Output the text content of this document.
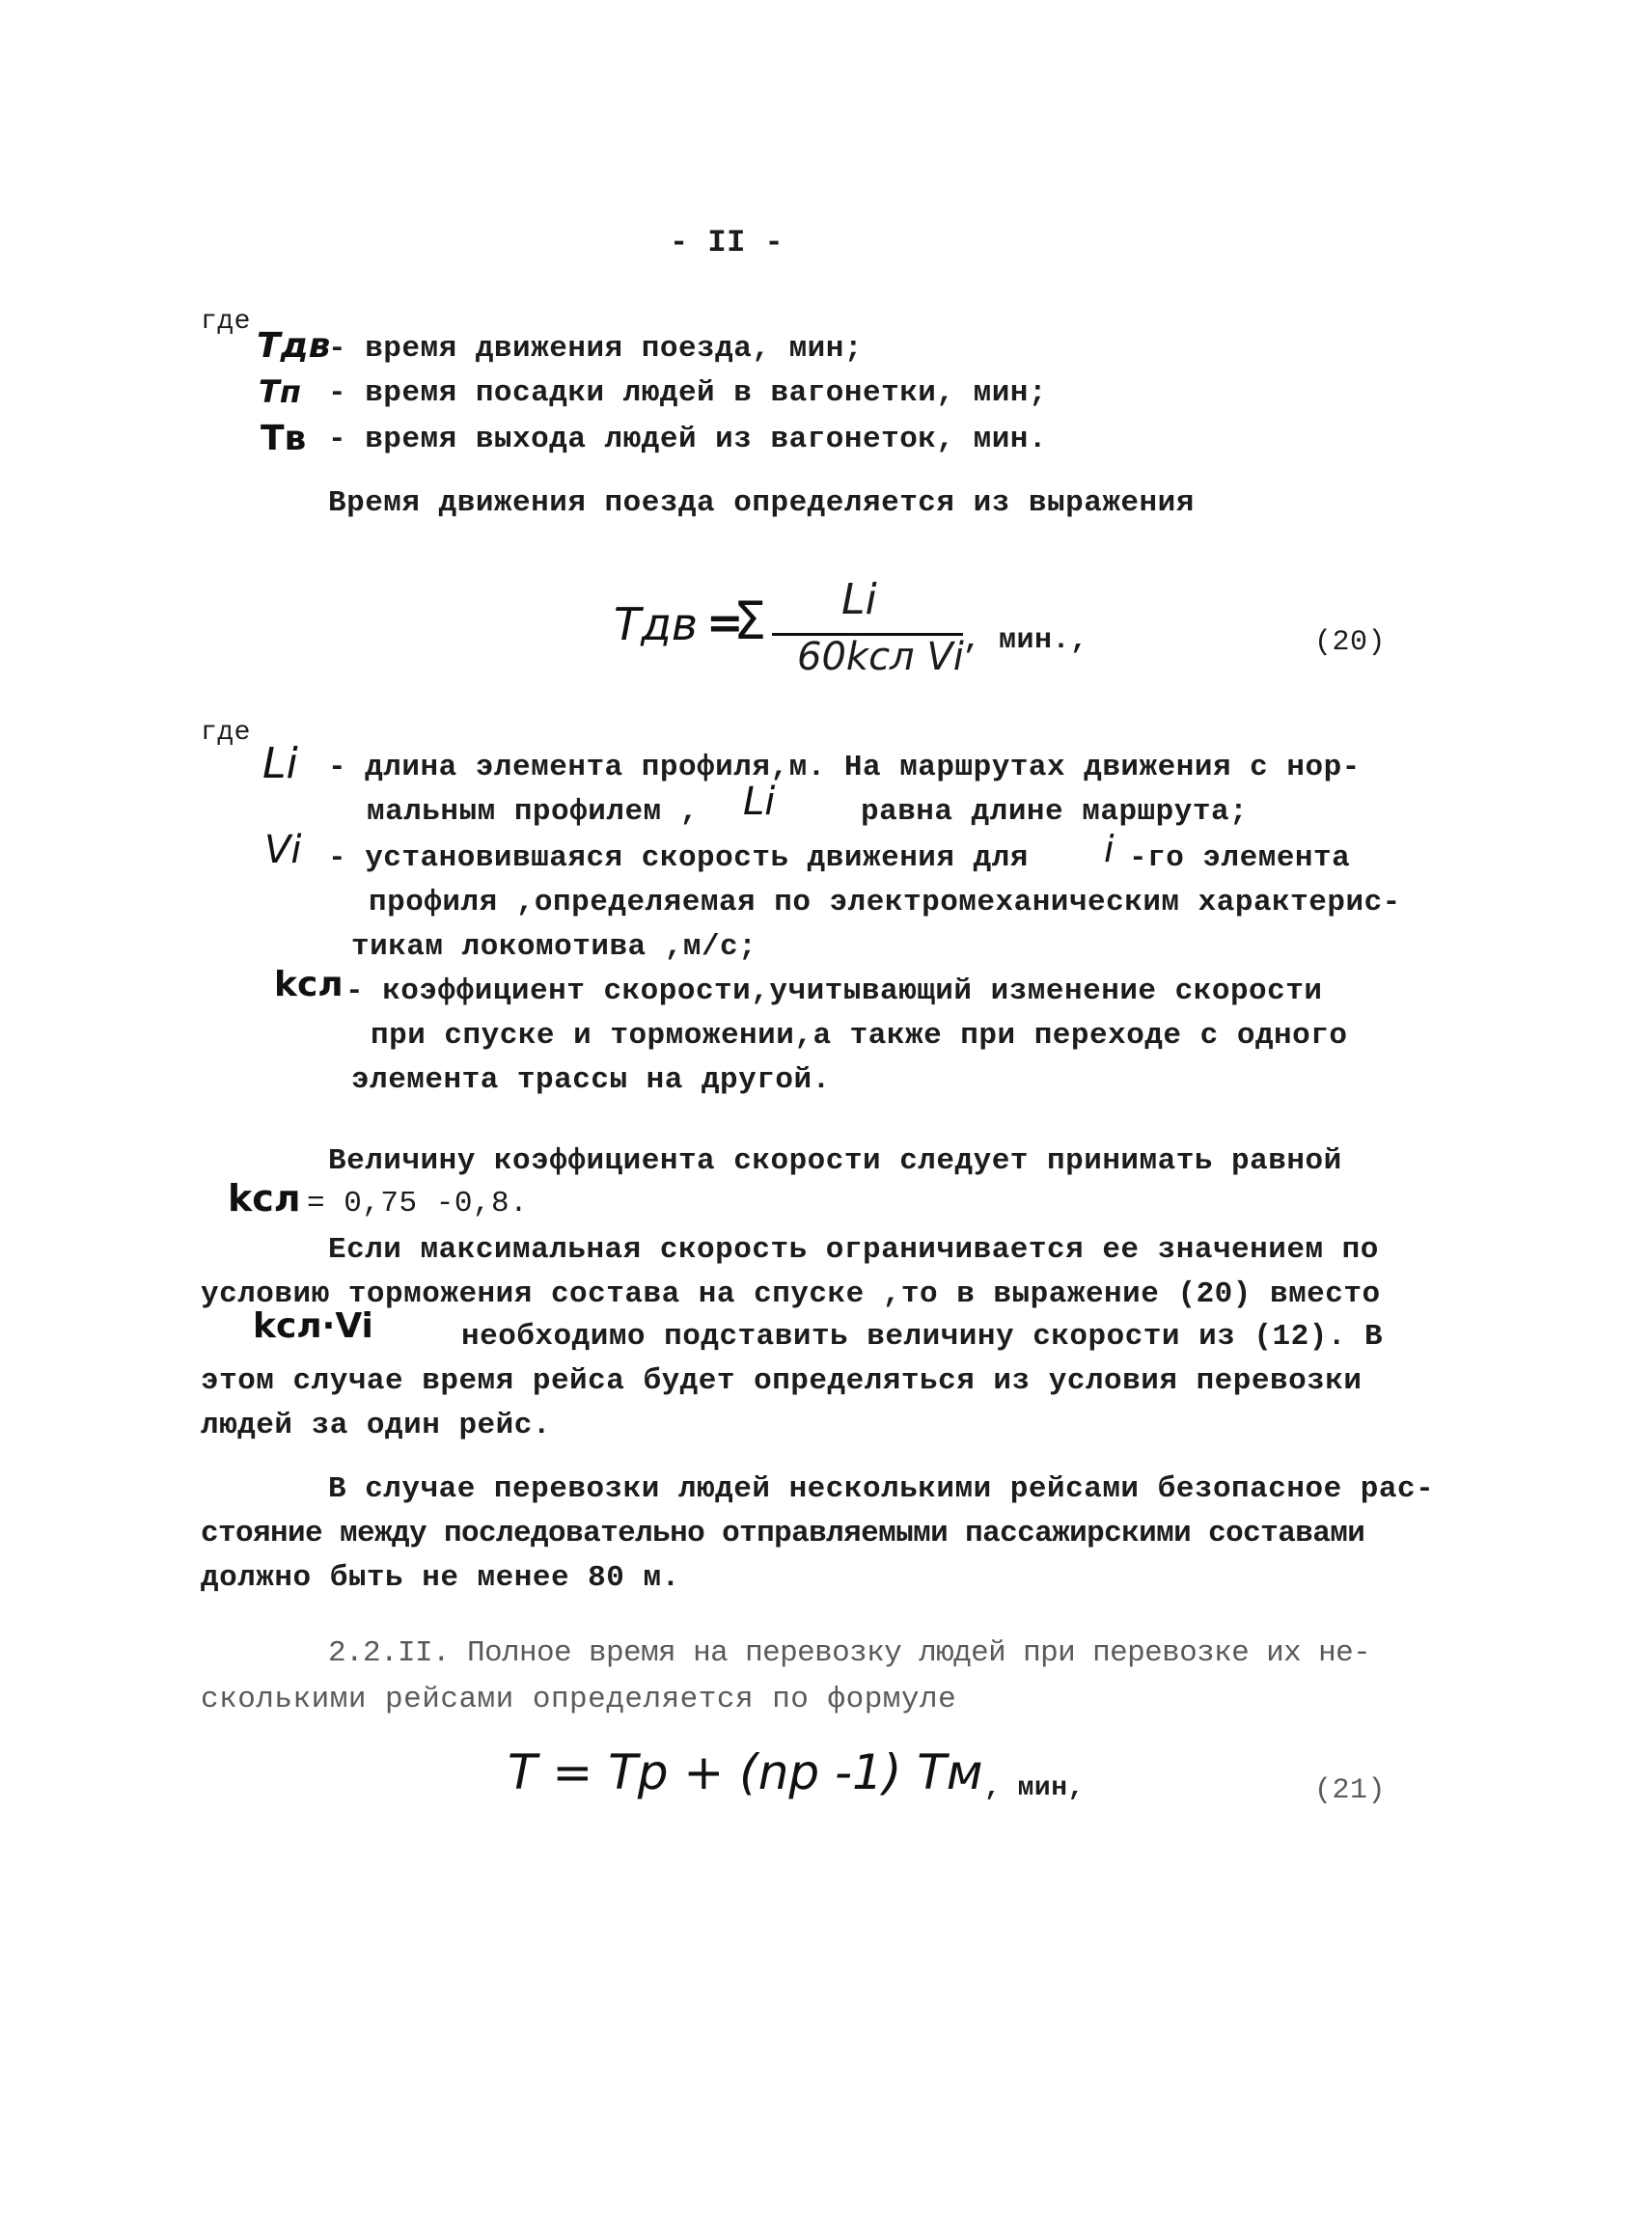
- II -
где
Tдв
- время движения поезда, мин;
Tп - время посадки людей в вагонетки, мин;
Tв - время выхода людей из вагонеток, мин.
Время движения поезда определяется из выражения
Tдв =
Σ Li
60kсл Vi , мин.,	(20)
где
Li - длина элемента профиля,м. На маршрутах движения с нор-
мальным профилем , Li	равна длине маршрута;
Vi - установившаяся скорость движения для i -го элемента
профиля ,определяемая по электромеханическим характерис-
тикам локомотива ,м/с;
kсл - коэффициент скорости,учитывающий изменение скорости
при спуске и торможении,а также при переходе с одного
элемента трассы на другой.
Величину коэффициента скорости следует принимать равной
kсл = 0,75 -0,8.
Если максимальная скорость ограничивается ее значением по
условию торможения состава на спуске ,то в выражение (20) вместо
kсл·Vi	необходимо подставить величину скорости из (12). В
этом случае время рейса будет определяться из условия перевозки
людей за один рейс.
В случае перевозки людей несколькими рейсами безопасное рас-
стояние между последовательно отправляемыми пассажирскими составами
должно быть не менее 80 м.
2.2.II. Полное время на перевозку людей при перевозке их не-
сколькими рейсами определяется по формуле
T = Tр + (nр -1) Tм , мин,	(21)
